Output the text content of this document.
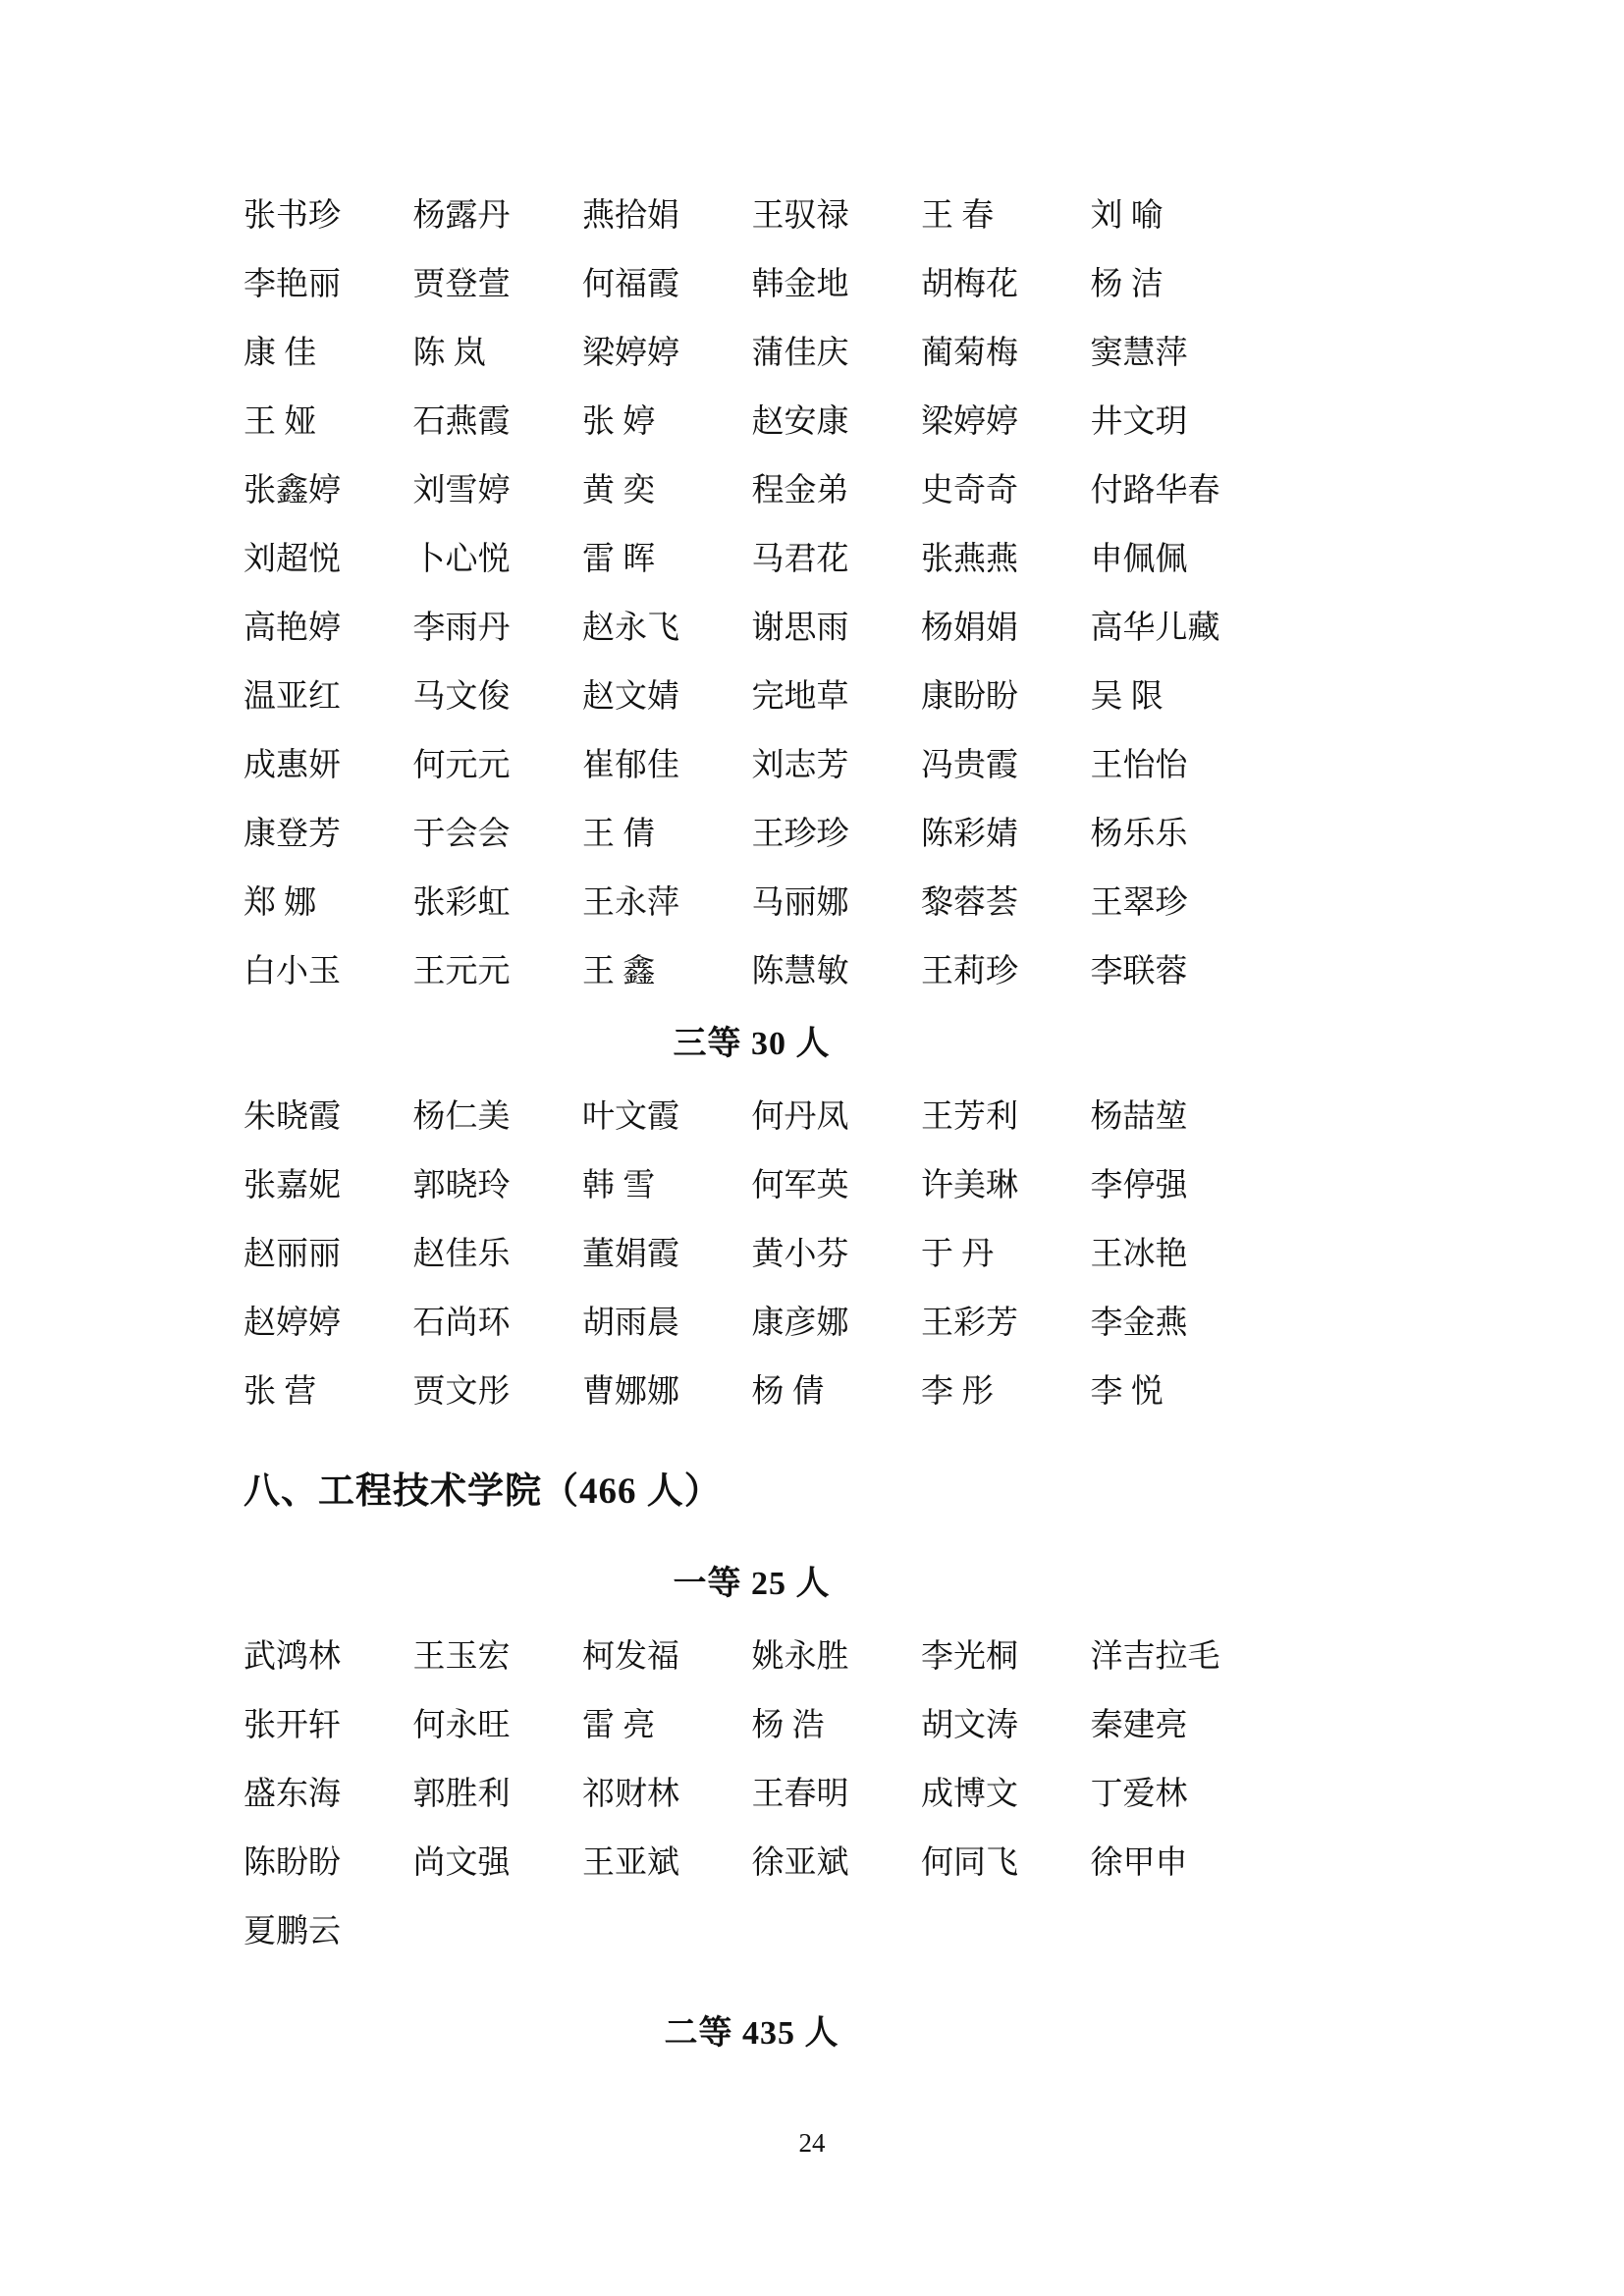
张书珍	杨露丹	燕拾娟	王驭禄	王 春	刘 喻
李艳丽	贾登萱	何福霞	韩金地	胡梅花	杨 洁
康 佳	陈 岚	梁婷婷	蒲佳庆	蔺菊梅	窦慧萍
王 娅	石燕霞	张 婷	赵安康	梁婷婷	井文玥
张鑫婷	刘雪婷	黄 奕	程金弟	史奇奇	付路华春
刘超悦	卜心悦	雷 晖	马君花	张燕燕	申佩佩
高艳婷	李雨丹	赵永飞	谢思雨	杨娟娟	高华儿藏
温亚红	马文俊	赵文婧	完地草	康盼盼	吴 限
成惠妍	何元元	崔郁佳	刘志芳	冯贵霞	王怡怡
康登芳	于会会	王 倩	王珍珍	陈彩婧	杨乐乐
郑 娜	张彩虹	王永萍	马丽娜	黎蓉荟	王翠珍
白小玉	王元元	王 鑫	陈慧敏	王莉珍	李联蓉
三等 30 人
朱晓霞	杨仁美	叶文霞	何丹凤	王芳利	杨喆堃
张嘉妮	郭晓玲	韩 雪	何军英	许美琳	李停强
赵丽丽	赵佳乐	董娟霞	黄小芬	于 丹	王冰艳
赵婷婷	石尚环	胡雨晨	康彦娜	王彩芳	李金燕
张 营	贾文彤	曹娜娜	杨 倩	李 彤	李 悦
八、工程技术学院（466 人）
一等 25 人
武鸿林	王玉宏	柯发福	姚永胜	李光桐	洋吉拉毛
张开轩	何永旺	雷 亮	杨 浩	胡文涛	秦建亮
盛东海	郭胜利	祁财林	王春明	成博文	丁爱林
陈盼盼	尚文强	王亚斌	徐亚斌	何同飞	徐甲申
夏鹏云
二等 435 人
24
